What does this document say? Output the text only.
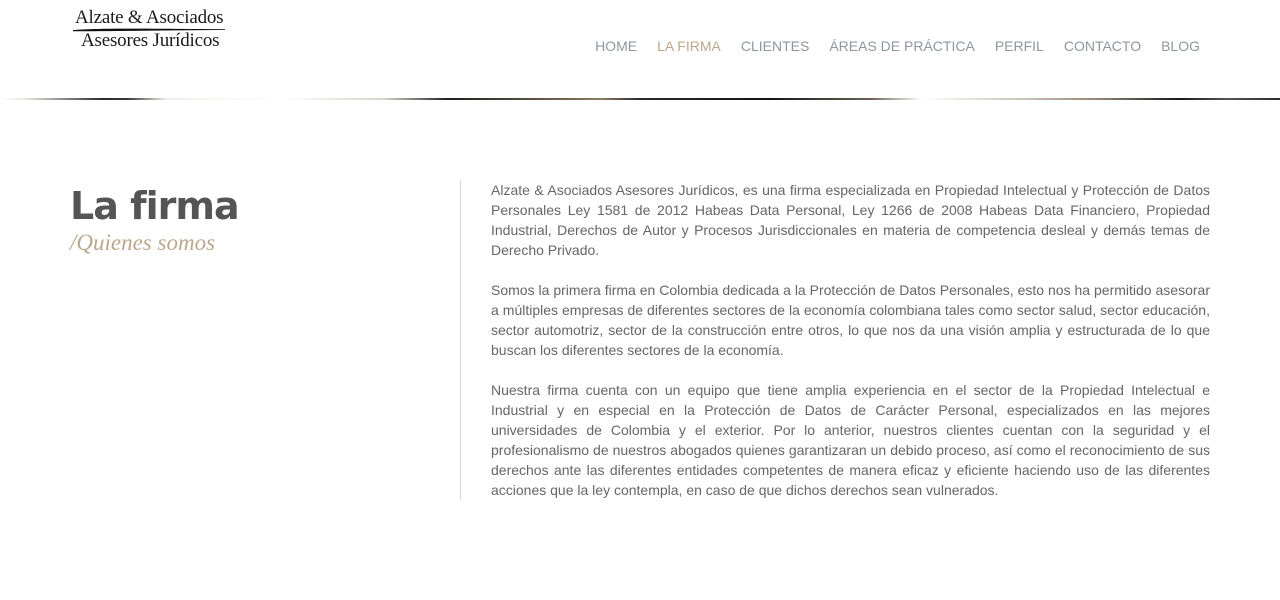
Alzate & Asociados
Asesores Jurídicos	HOME LA FIRMA CLIENTES ÁREAS DE PRÁCTICA PERFIL CONTACTO BLOG
La firma
/Quienes somos

Alzate & Asociados Asesores Jurídicos, es una firma especializada en Propiedad Intelectual y Protección de Datos Personales Ley 1581 de 2012 Habeas Data Personal, Ley 1266 de 2008 Habeas Data Financiero, Propiedad Industrial, Derechos de Autor y Procesos Jurisdiccionales en materia de competencia desleal y demás temas de Derecho Privado.

Somos la primera firma en Colombia dedicada a la Protección de Datos Personales, esto nos ha permitido asesorar a múltiples empresas de diferentes sectores de la economía colombiana tales como sector salud, sector educación, sector automotriz, sector de la construcción entre otros, lo que nos da una visión amplia y estructurada de lo que buscan los diferentes sectores de la economía.

Nuestra firma cuenta con un equipo que tiene amplia experiencia en el sector de la Propiedad Intelectual e Industrial y en especial en la Protección de Datos de Carácter Personal, especializados en las mejores universidades de Colombia y el exterior. Por lo anterior, nuestros clientes cuentan con la seguridad y el profesionalismo de nuestros abogados quienes garantizaran un debido proceso, así como el reconocimiento de sus derechos ante las diferentes entidades competentes de manera eficaz y eficiente haciendo uso de las diferentes acciones que la ley contempla, en caso de que dichos derechos sean vulnerados.
